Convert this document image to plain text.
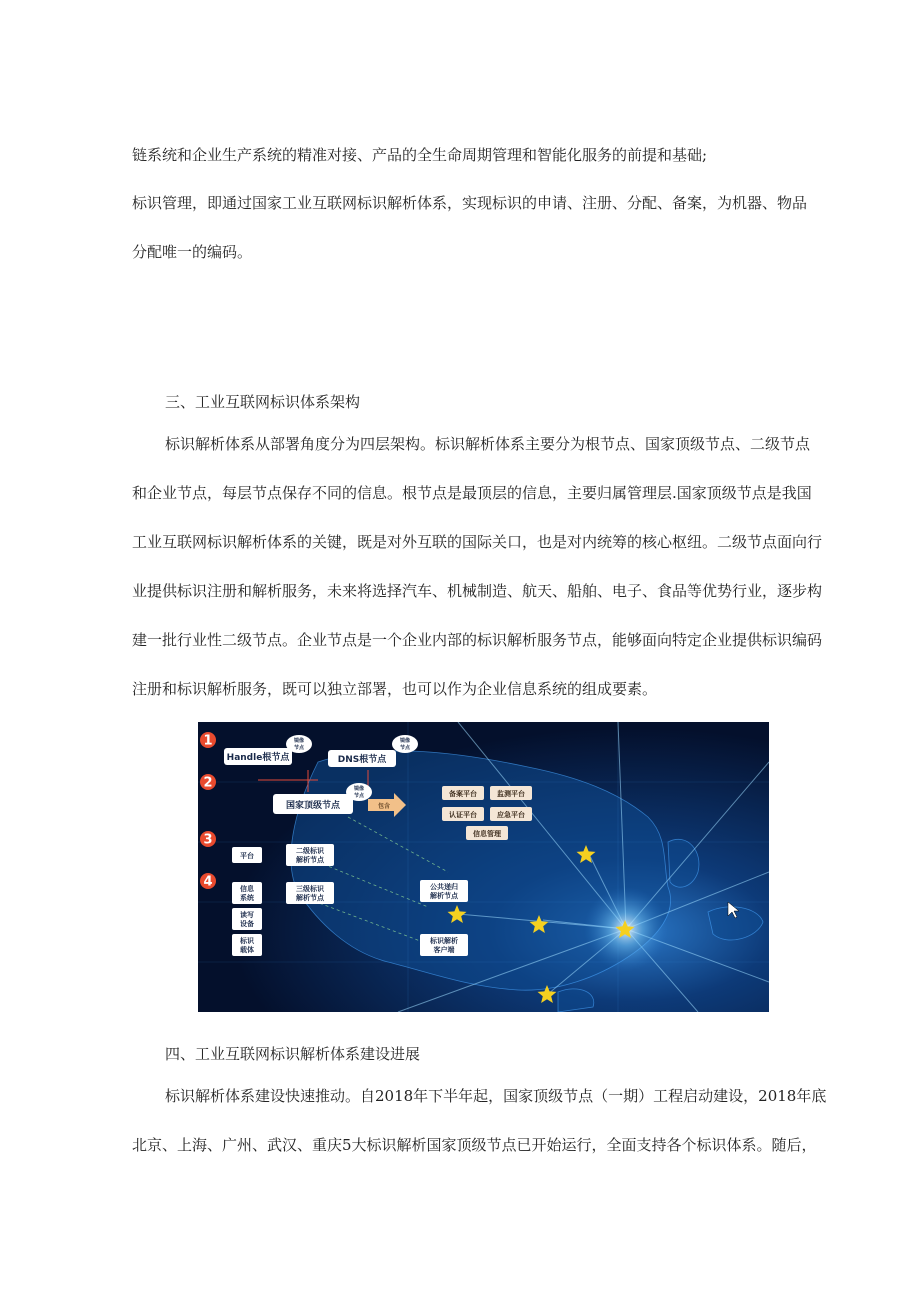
链系统和企业生产系统的精准对接、产品的全生命周期管理和智能化服务的前提和基础;
标识管理，即通过国家工业互联网标识解析体系，实现标识的申请、注册、分配、备案，为机器、物品
分配唯一的编码。
三、工业互联网标识体系架构
标识解析体系从部署角度分为四层架构。标识解析体系主要分为根节点、国家顶级节点、二级节点
和企业节点，每层节点保存不同的信息。根节点是最顶层的信息，主要归属管理层.国家顶级节点是我国
工业互联网标识解析体系的关键，既是对外互联的国际关口，也是对内统筹的核心枢纽。二级节点面向行
业提供标识注册和解析服务，未来将选择汽车、机械制造、航天、船舶、电子、食品等优势行业，逐步构
建一批行业性二级节点。企业节点是一个企业内部的标识解析服务节点，能够面向特定企业提供标识编码
注册和标识解析服务，既可以独立部署，也可以作为企业信息系统的组成要素。
1
2
3
4
Handle根节点
镜像
节点
DNS根节点
镜像
节点
国家顶级节点
镜像
节点
包含
备案平台	监测平台
认证平台	应急平台
信息管理
平台
二级标识
解析节点
信息
系统
三级标识
解析节点
读写
设备
标识
载体
公共递归
解析节点
标识解析
客户端
四、工业互联网标识解析体系建设进展
标识解析体系建设快速推动。自2018年下半年起，国家顶级节点（一期）工程启动建设，2018年底
北京、上海、广州、武汉、重庆5大标识解析国家顶级节点已开始运行，全面支持各个标识体系。随后，
